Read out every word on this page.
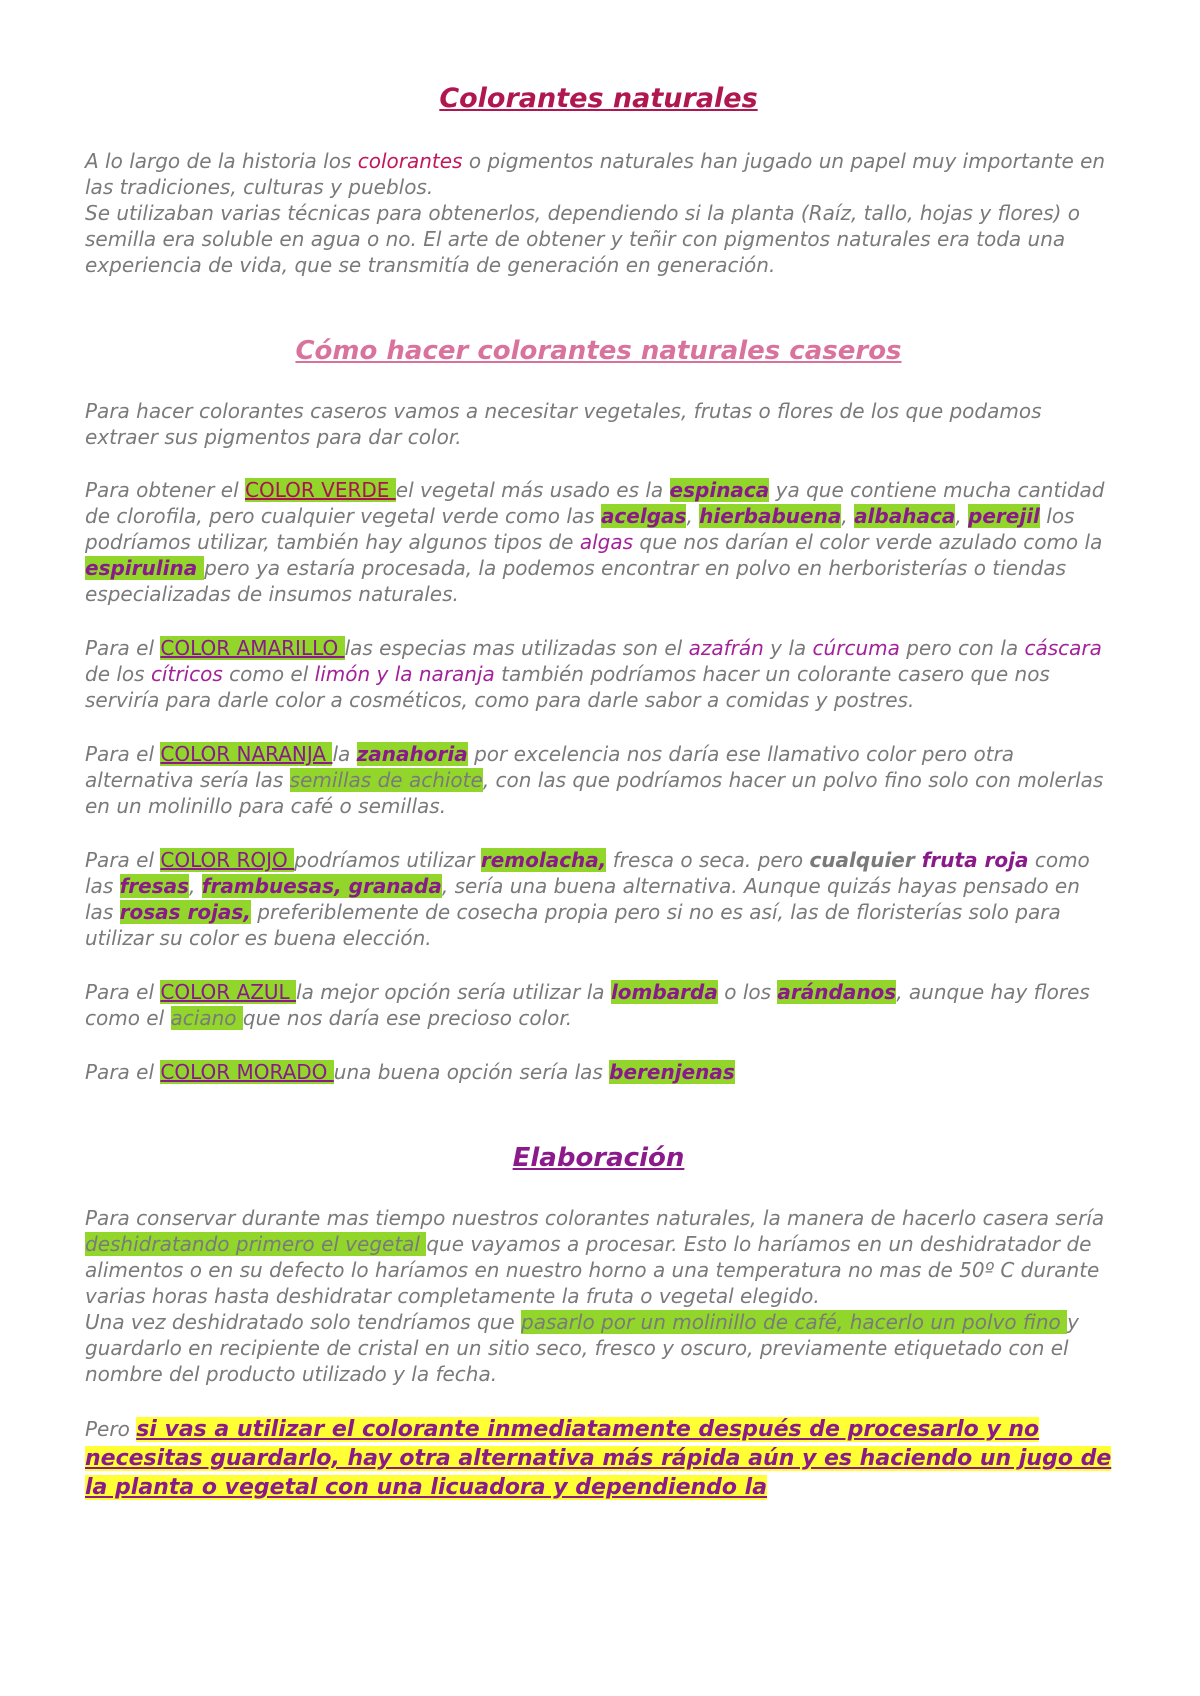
Colorantes naturales

A lo largo de la historia los colorantes o pigmentos naturales han jugado un papel muy importante en las tradiciones, culturas y pueblos.

Se utilizaban varias técnicas para obtenerlos, dependiendo si la planta (Raíz, tallo, hojas y flores) o semilla era soluble en agua o no. El arte de obtener y teñir con pigmentos naturales era toda una experiencia de vida, que se transmitía de generación en generación.

Cómo hacer colorantes naturales caseros

Para hacer colorantes caseros vamos a necesitar vegetales, frutas o flores de los que podamos extraer sus pigmentos para dar color.

Para obtener el COLOR VERDE el vegetal más usado es la espinaca ya que contiene mucha cantidad de clorofila, pero cualquier vegetal verde como las acelgas, hierbabuena, albahaca, perejil los podríamos utilizar, también hay algunos tipos de algas que nos darían el color verde azulado como la espirulina pero ya estaría procesada, la podemos encontrar en polvo en herboristerías o tiendas especializadas de insumos naturales.

Para el COLOR AMARILLO las especias mas utilizadas son el azafrán y la cúrcuma pero con la cáscara de los cítricos como el limón y la naranja también podríamos hacer un colorante casero que nos serviría para darle color a cosméticos, como para darle sabor a comidas y postres.

Para el COLOR NARANJA la zanahoria por excelencia nos daría ese llamativo color pero otra alternativa sería las semillas de achiote, con las que podríamos hacer un polvo fino solo con molerlas en un molinillo para café o semillas.

Para el COLOR ROJO podríamos utilizar remolacha, fresca o seca. pero cualquier fruta roja como las fresas, frambuesas, granada, sería una buena alternativa. Aunque quizás hayas pensado en las rosas rojas, preferiblemente de cosecha propia pero si no es así, las de floristerías solo para utilizar su color es buena elección.

Para el COLOR AZUL la mejor opción sería utilizar la lombarda o los arándanos, aunque hay flores como el aciano que nos daría ese precioso color.

Para el COLOR MORADO una buena opción sería las berenjenas

Elaboración

Para conservar durante mas tiempo nuestros colorantes naturales, la manera de hacerlo casera sería deshidratando primero el vegetal que vayamos a procesar. Esto lo haríamos en un deshidratador de alimentos o en su defecto lo haríamos en nuestro horno a una temperatura no mas de 50º C durante varias horas hasta deshidratar completamente la fruta o vegetal elegido.

Una vez deshidratado solo tendríamos que pasarlo por un molinillo de café, hacerlo un polvo fino y guardarlo en recipiente de cristal en un sitio seco, fresco y oscuro, previamente etiquetado con el nombre del producto utilizado y la fecha.

Pero si vas a utilizar el colorante inmediatamente después de procesarlo y no necesitas guardarlo, hay otra alternativa más rápida aún y es haciendo un jugo de la planta o vegetal con una licuadora y dependiendo la
